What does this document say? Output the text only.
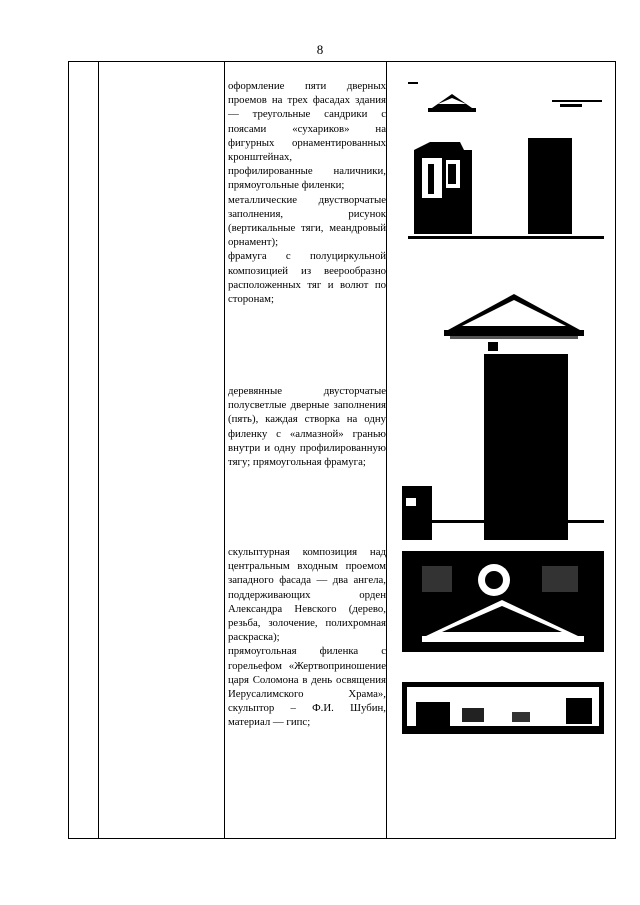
8

оформление пяти дверных проемов на трех фасадах здания — треугольные сандрики с поясами «сухариков» на фигурных орнаментированных кронштейнах,

профилированные наличники, прямоугольные филенки;

металлические двустворчатые заполнения, рисунок (вертикальные тяги, меандровый орнамент);

фрамуга с полуциркульной композицией из веерообразно расположенных тяг и волют по сторонам;

деревянные двусторчатые полусветлые дверные заполнения (пять), каждая створка на одну филенку с «алмазной» гранью внутри и одну профилированную тягу; прямоугольная фрамуга;

скульптурная композиция над центральным входным проемом западного фасада — два ангела, поддерживающих орден Александра Невского (дерево, резьба, золочение, полихромная раскраска);

прямоугольная филенка с горельефом «Жертвоприношение царя Соломона в день освящения Иерусалимского Храма», скульптор – Ф.И. Шубин, материал — гипс;
